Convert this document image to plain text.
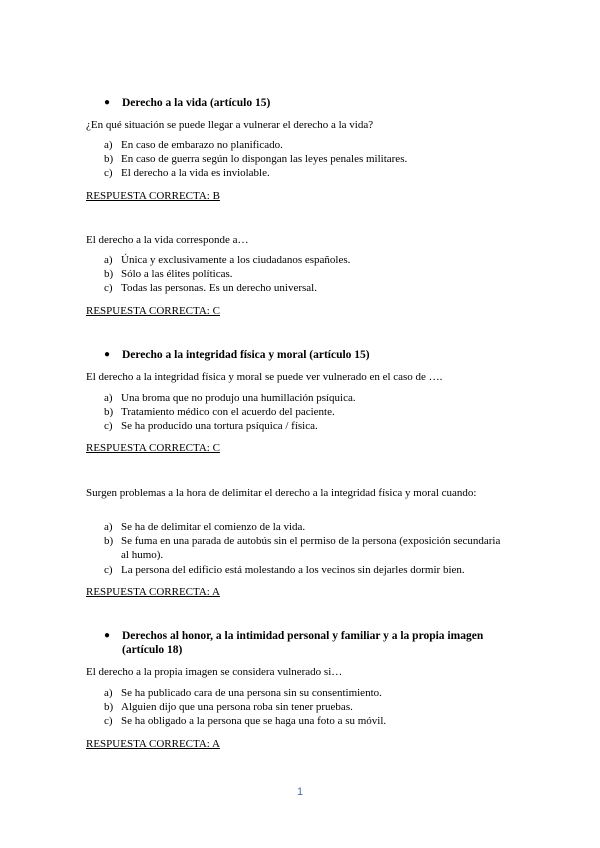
● Derecho a la vida (artículo 15)
¿En qué situación se puede llegar a vulnerar el derecho a la vida?
a) En caso de embarazo no planificado.
b) En caso de guerra según lo dispongan las leyes penales militares.
c) El derecho a la vida es inviolable.
RESPUESTA CORRECTA: B
El derecho a la vida corresponde a…
a) Única y exclusivamente a los ciudadanos españoles.
b) Sólo a las élites políticas.
c) Todas las personas. Es un derecho universal.
RESPUESTA CORRECTA: C
● Derecho a la integridad física y moral (artículo 15)
El derecho a la integridad física y moral se puede ver vulnerado en el caso de ….
a) Una broma que no produjo una humillación psíquica.
b) Tratamiento médico con el acuerdo del paciente.
c) Se ha producido una tortura psíquica / física.
RESPUESTA CORRECTA: C
Surgen problemas a la hora de delimitar el derecho a la integridad física y moral cuando:
a) Se ha de delimitar el comienzo de la vida.
b) Se fuma en una parada de autobús sin el permiso de la persona (exposición secundaria al humo).
c) La persona del edificio está molestando a los vecinos sin dejarles dormir bien.
RESPUESTA CORRECTA: A
● Derechos al honor, a la intimidad personal y familiar y a la propia imagen (artículo 18)
El derecho a la propia imagen se considera vulnerado si…
a) Se ha publicado cara de una persona sin su consentimiento.
b) Alguien dijo que una persona roba sin tener pruebas.
c) Se ha obligado a la persona que se haga una foto a su móvil.
RESPUESTA CORRECTA: A
1
